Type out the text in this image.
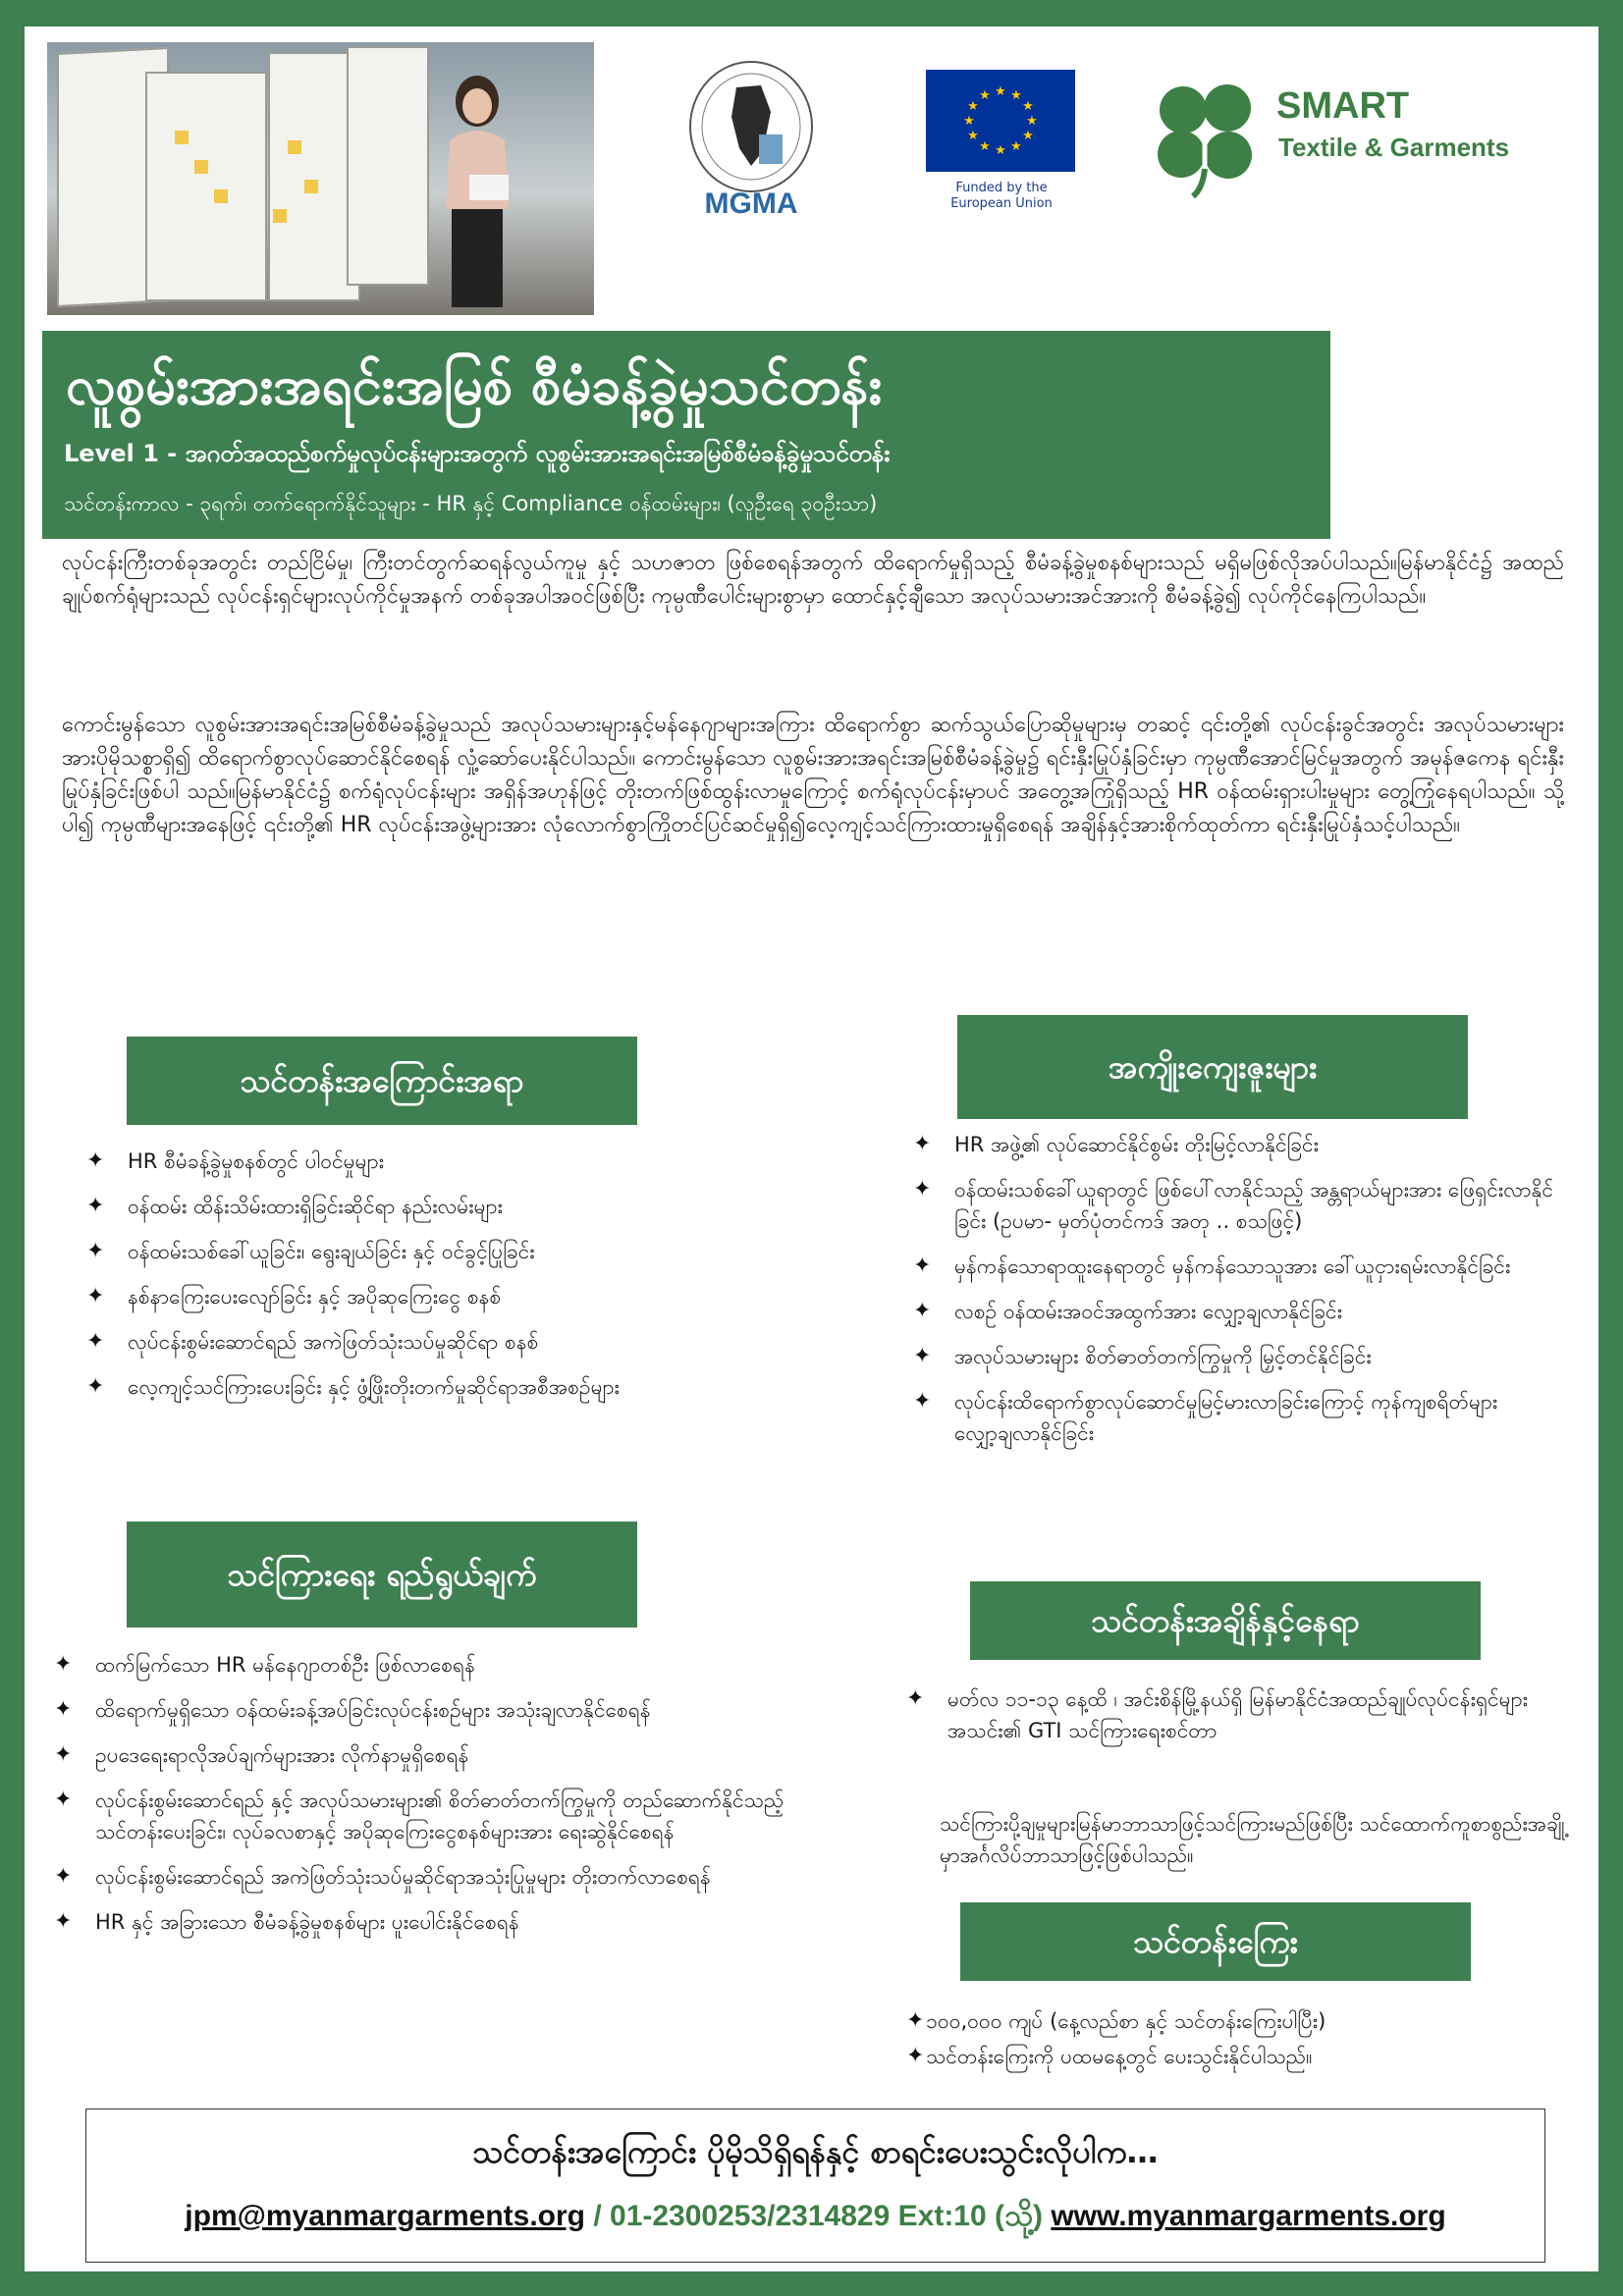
MGMA
★ ★
★
★
★
★
★
★
★
★
★
★
Funded by the
European Union
SMART
Textile & Garments
လူစွမ်းအားအရင်းအမြစ် စီမံခန့်ခွဲမှုသင်တန်း
Level 1 - အဂတ်အထည်စက်မှုလုပ်ငန်းများအတွက် လူစွမ်းအားအရင်းအမြစ်စီမံခန့်ခွဲမှုသင်တန်း
သင်တန်းကာလ - ၃ရက်၊ တက်ရောက်နိုင်သူများ - HR နှင့် Compliance ဝန်ထမ်းများ၊ (လူဦးရေ ၃၀ဦးသာ)
လုပ်ငန်းကြီးတစ်ခုအတွင်း တည်ငြိမ်မှု၊ ကြီးတင်တွက်ဆရန်လွယ်ကူမှု နှင့် သဟဇာတ ဖြစ်စေရန်အတွက် ထိရောက်မှုရှိသည့် စီမံခန့်ခွဲမှုစနစ်များသည် မရှိမဖြစ်လိုအပ်ပါသည်။မြန်မာနိုင်ငံ၌ အထည်ချုပ်စက်ရုံများသည် လုပ်ငန်းရှင်များလုပ်ကိုင်မှုအနက် တစ်ခုအပါအဝင်ဖြစ်ပြီး ကုမ္ပဏီပေါင်းများစွာမှာ ထောင်နှင့်ချီသော အလုပ်သမားအင်အားကို စီမံခန့်ခွဲ၍ လုပ်ကိုင်နေကြပါသည်။
ကောင်းမွန်သော လူစွမ်းအားအရင်းအမြစ်စီမံခန့်ခွဲမှုသည် အလုပ်သမားများနှင့်မန်နေဂျာများအကြား ထိရောက်စွာ ဆက်သွယ်ပြောဆိုမှုများမှ တဆင့် ၎င်းတို့၏ လုပ်ငန်းခွင်အတွင်း အလုပ်သမားများအားပိုမိုသစ္စာရှိ၍ ထိရောက်စွာလုပ်ဆောင်နိုင်စေရန် လှုံ့ဆော်ပေးနိုင်ပါသည်။ ကောင်းမွန်သော လူစွမ်းအားအရင်းအမြစ်စီမံခန့်ခွဲမှု၌ ရင်းနှီးမြုပ်နှံခြင်းမှာ ကုမ္ပဏီအောင်မြင်မှုအတွက် အမုန်ဇကေန ရင်းနှီးမြုပ်နှံခြင်းဖြစ်ပါ သည်။မြန်မာနိုင်ငံ၌ စက်ရုံလုပ်ငန်းများ အရှိန်အဟုန်ဖြင့် တိုးတက်ဖြစ်ထွန်းလာမှုကြောင့် စက်ရုံလုပ်ငန်းမှာပင် အတွေ့အကြုံရှိသည့် HR ဝန်ထမ်းရှားပါးမှုများ တွေ့ကြုံနေရပါသည်။ သို့ပါ၍ ကုမ္ပဏီများအနေဖြင့် ၎င်းတို့၏ HR လုပ်ငန်းအဖွဲ့များအား လုံလောက်စွာကြိုတင်ပြင်ဆင်မှုရှိ၍လေ့ကျင့်သင်ကြားထားမှုရှိစေရန် အချိန်နှင့်အားစိုက်ထုတ်ကာ ရင်းနှီးမြုပ်နှံသင့်ပါသည်။
သင်တန်းအကြောင်းအရာ
✦ HR စီမံခန့်ခွဲမှုစနစ်တွင် ပါဝင်မှုများ
✦ ဝန်ထမ်း ထိန်းသိမ်းထားရှိခြင်းဆိုင်ရာ နည်းလမ်းများ
✦ ဝန်ထမ်းသစ်ခေါ်ယူခြင်း၊ ရွေးချယ်ခြင်း နှင့် ဝင်ခွင့်ပြုခြင်း
✦ နစ်နာကြေးပေးလျော်ခြင်း နှင့် အပိုဆုကြေးငွေ စနစ်
✦ လုပ်ငန်းစွမ်းဆောင်ရည် အကဲဖြတ်သုံးသပ်မှုဆိုင်ရာ စနစ်
✦ လေ့ကျင့်သင်ကြားပေးခြင်း နှင့် ဖွံ့ဖြိုးတိုးတက်မှုဆိုင်ရာအစီအစဉ်များ
သင်ကြားရေး ရည်ရွယ်ချက်
✦ ထက်မြက်သော HR မန်နေဂျာတစ်ဦး ဖြစ်လာစေရန်
✦ ထိရောက်မှုရှိသော ဝန်ထမ်းခန့်အပ်ခြင်းလုပ်ငန်းစဉ်များ အသုံးချလာနိုင်စေရန်
✦ ဥပဒေရေးရာလိုအပ်ချက်များအား လိုက်နာမှုရှိစေရန်
✦ လုပ်ငန်းစွမ်းဆောင်ရည် နှင့် အလုပ်သမားများ၏ စိတ်ဓာတ်တက်ကြွမှုကို တည်ဆောက်နိုင်သည့် သင်တန်းပေးခြင်း၊ လုပ်ခလစာနှင့် အပိုဆုကြေးငွေစနစ်များအား ရေးဆွဲနိုင်စေရန်
✦ လုပ်ငန်းစွမ်းဆောင်ရည် အကဲဖြတ်သုံးသပ်မှုဆိုင်ရာအသုံးပြုမှုများ တိုးတက်လာစေရန်
✦ HR နှင့် အခြားသော စီမံခန့်ခွဲမှုစနစ်များ ပူးပေါင်းနိုင်စေရန်
အကျိုးကျေးဇူးများ
✦ HR အဖွဲ့၏ လုပ်ဆောင်နိုင်စွမ်း တိုးမြင့်လာနိုင်ခြင်း
✦ ဝန်ထမ်းသစ်ခေါ်ယူရာတွင် ဖြစ်ပေါ်လာနိုင်သည့် အန္တရာယ်များအား ဖြေရှင်းလာနိုင်ခြင်း (ဥပမာ- မှတ်ပုံတင်ကဒ် အတု .. စသဖြင့်)
✦ မှန်ကန်သောရာထူးနေရာတွင် မှန်ကန်သောသူအား ခေါ်ယူငှားရမ်းလာနိုင်ခြင်း
✦ လစဉ် ဝန်ထမ်းအဝင်အထွက်အား လျှော့ချလာနိုင်ခြင်း
✦ အလုပ်သမားများ စိတ်ဓာတ်တက်ကြွမှုကို မြှင့်တင်နိုင်ခြင်း
✦ လုပ်ငန်းထိရောက်စွာလုပ်ဆောင်မှုမြင့်မားလာခြင်းကြောင့် ကုန်ကျစရိတ်များ လျှော့ချလာနိုင်ခြင်း
သင်တန်းအချိန်နှင့်နေရာ
✦ မတ်လ ၁၁-၁၃ နေ့ထိ ၊ အင်းစိန်မြို့နယ်ရှိ မြန်မာနိုင်ငံအထည်ချုပ်လုပ်ငန်းရှင်များအသင်း၏ GTI သင်ကြားရေးစင်တာ
သင်ကြားပို့ချမှုများမြန်မာဘာသာဖြင့်သင်ကြားမည်ဖြစ်ပြီး သင်ထောက်ကူစာစွည်းအချို့မှာအင်္ဂလိပ်ဘာသာဖြင့်ဖြစ်ပါသည်။
သင်တန်းကြေး
✦ ၁၀၀,၀၀၀ ကျပ် (နေ့လည်စာ နှင့် သင်တန်းကြေးပါပြီး)
✦ သင်တန်းကြေးကို ပထမနေ့တွင် ပေးသွင်းနိုင်ပါသည်။
သင်တန်းအကြောင်း ပိုမိုသိရှိရန်နှင့် စာရင်းပေးသွင်းလိုပါက…
jpm@myanmargarments.org / 01-2300253/2314829 Ext:10 (သို့) www.myanmargarments.org
